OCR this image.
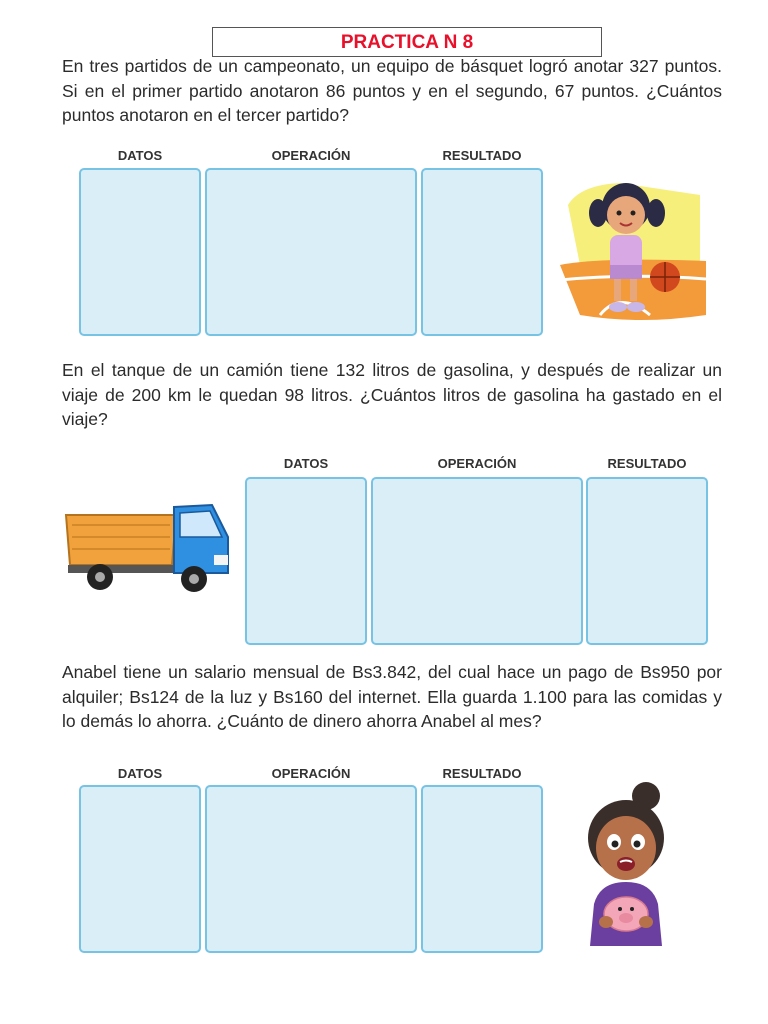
PRACTICA N 8
En tres partidos de un campeonato, un equipo de básquet logró anotar 327 puntos. Si en el primer partido anotaron 86 puntos y en el segundo, 67 puntos. ¿Cuántos puntos anotaron en el tercer partido?
DATOS	OPERACIÓN	RESULTADO
En el tanque de un camión tiene 132 litros de gasolina, y después de realizar un viaje de 200 km le quedan 98 litros. ¿Cuántos litros de gasolina ha gastado en el viaje?
DATOS	OPERACIÓN	RESULTADO
Anabel tiene un salario mensual de Bs3.842, del cual hace un pago de Bs950 por alquiler; Bs124 de la luz y Bs160 del internet. Ella guarda 1.100 para las comidas y lo demás lo ahorra. ¿Cuánto de dinero ahorra Anabel al mes?
DATOS	OPERACIÓN	RESULTADO
